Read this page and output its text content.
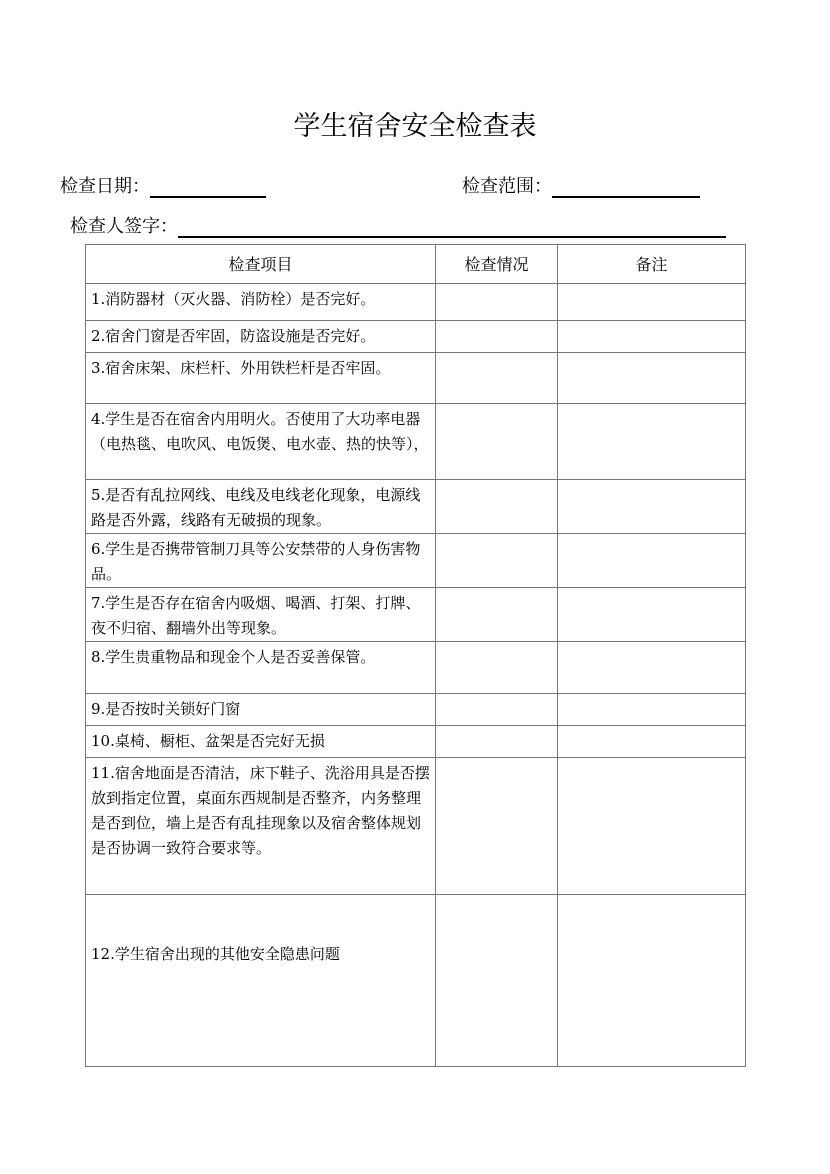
学生宿舍安全检查表
检查日期：	检查范围：
检查人签字：
检查项目	检查情况	备注
1.消防器材（灭火器、消防栓）是否完好。		
2.宿舍门窗是否牢固，防盗设施是否完好。		
3.宿舍床架、床栏杆、外用铁栏杆是否牢固。		
4.学生是否在宿舍内用明火。否使用了大功率电器（电热毯、电吹风、电饭煲、电水壶、热的快等），		
5.是否有乱拉网线、电线及电线老化现象，电源线路是否外露，线路有无破损的现象。		
6.学生是否携带管制刀具等公安禁带的人身伤害物品。		
7.学生是否存在宿舍内吸烟、喝酒、打架、打牌、夜不归宿、翻墙外出等现象。		
8.学生贵重物品和现金个人是否妥善保管。		
9.是否按时关锁好门窗		
10.桌椅、橱柜、盆架是否完好无损		
11.宿舍地面是否清洁，床下鞋子、洗浴用具是否摆放到指定位置，桌面东西规制是否整齐，内务整理是否到位，墙上是否有乱挂现象以及宿舍整体规划是否协调一致符合要求等。		
12.学生宿舍出现的其他安全隐患问题		
